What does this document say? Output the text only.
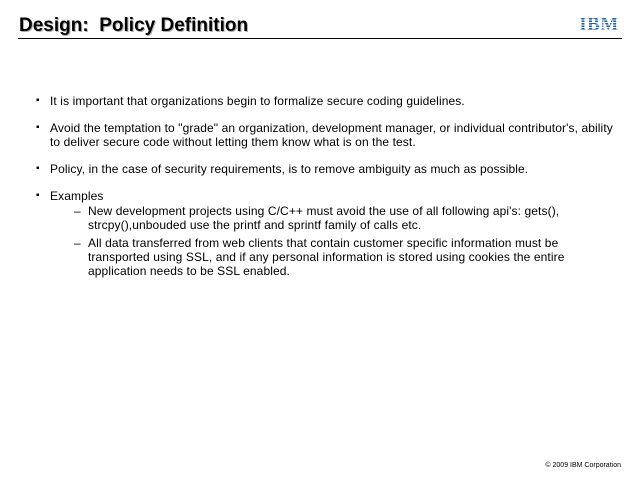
Design:  Policy Definition	IBM
▪ It is important that organizations begin to formalize secure coding guidelines.
▪ Avoid the temptation to "grade" an organization, development manager, or individual contributor's, ability to deliver secure code without letting them know what is on the test.
▪ Policy, in the case of security requirements, is to remove ambiguity as much as possible.
▪ Examples
– New development projects using C/C++ must avoid the use of all following api's: gets(), strcpy(),unbouded use the printf and sprintf family of calls etc.
– All data transferred from web clients that contain customer specific information must be transported using SSL, and if any personal information is stored using cookies the entire application needs to be SSL enabled.
© 2009 IBM Corporation
